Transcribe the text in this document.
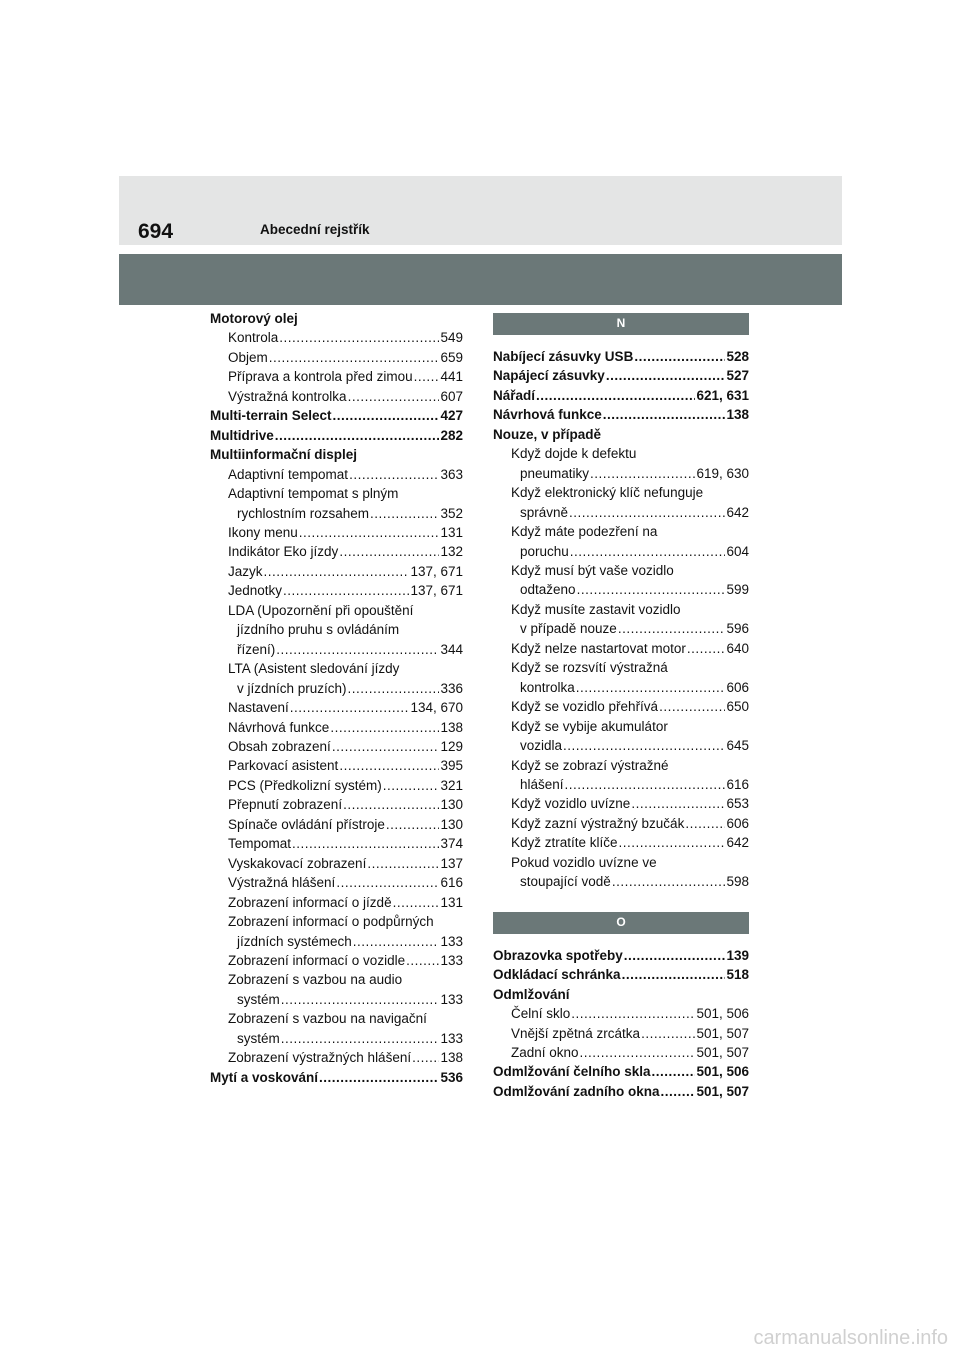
694	Abecední rejstřík
Motorový olej
Kontrola .....	549
Objem .....	659
Příprava a kontrola před zimou ..... 441
Výstražná kontrolka .....	607
Multi-terrain Select .....	427
Multidrive .....	282
Multiinformační displej
Adaptivní tempomat .....	363
Adaptivní tempomat s plným
rychlostním rozsahem .....	352
Ikony menu .....	131
Indikátor Eko jízdy .....	132
Jazyk .....	137, 671
Jednotky .....	137, 671
LDA (Upozornění při opouštění
jízdního pruhu s ovládáním
řízení) .....	344
LTA (Asistent sledování jízdy
v jízdních pruzích) .....	336
Nastavení .....	134, 670
Návrhová funkce .....	138
Obsah zobrazení .....	129
Parkovací asistent .....	395
PCS (Předkolizní systém) .....	321
Přepnutí zobrazení .....	130
Spínače ovládání přístroje .....	130
Tempomat .....	374
Vyskakovací zobrazení .....	137
Výstražná hlášení .....	616
Zobrazení informací o jízdě .....	131
Zobrazení informací o podpůrných
jízdních systémech .....	133
Zobrazení informací o vozidle .....	133
Zobrazení s vazbou na audio
systém .....	133
Zobrazení s vazbou na navigační
systém .....	133
Zobrazení výstražných hlášení ..... 138
Mytí a voskování .....	536
N
Nabíjecí zásuvky USB .....	528
Napájecí zásuvky .....	527
Nářadí .....	621, 631
Návrhová funkce .....	138
Nouze, v případě
Když dojde k defektu
pneumatiky .....	619, 630
Když elektronický klíč nefunguje
správně .....	642
Když máte podezření na
poruchu .....	604
Když musí být vaše vozidlo
odtaženo .....	599
Když musíte zastavit vozidlo
v případě nouze .....	596
Když nelze nastartovat motor .....	640
Když se rozsvítí výstražná
kontrolka .....	606
Když se vozidlo přehřívá .....	650
Když se vybije akumulátor
vozidla .....	645
Když se zobrazí výstražné
hlášení .....	616
Když vozidlo uvízne .....	653
Když zazní výstražný bzučák .....	606
Když ztratíte klíče .....	642
Pokud vozidlo uvízne ve
stoupající vodě .....	598
O
Obrazovka spotřeby .....	139
Odkládací schránka .....	518
Odmlžování
Čelní sklo .....	501, 506
Vnější zpětná zrcátka .....	501, 507
Zadní okno .....	501, 507
Odmlžování čelního skla .....	501, 506
Odmlžování zadního okna .....	501, 507
carmanualsonline.info
